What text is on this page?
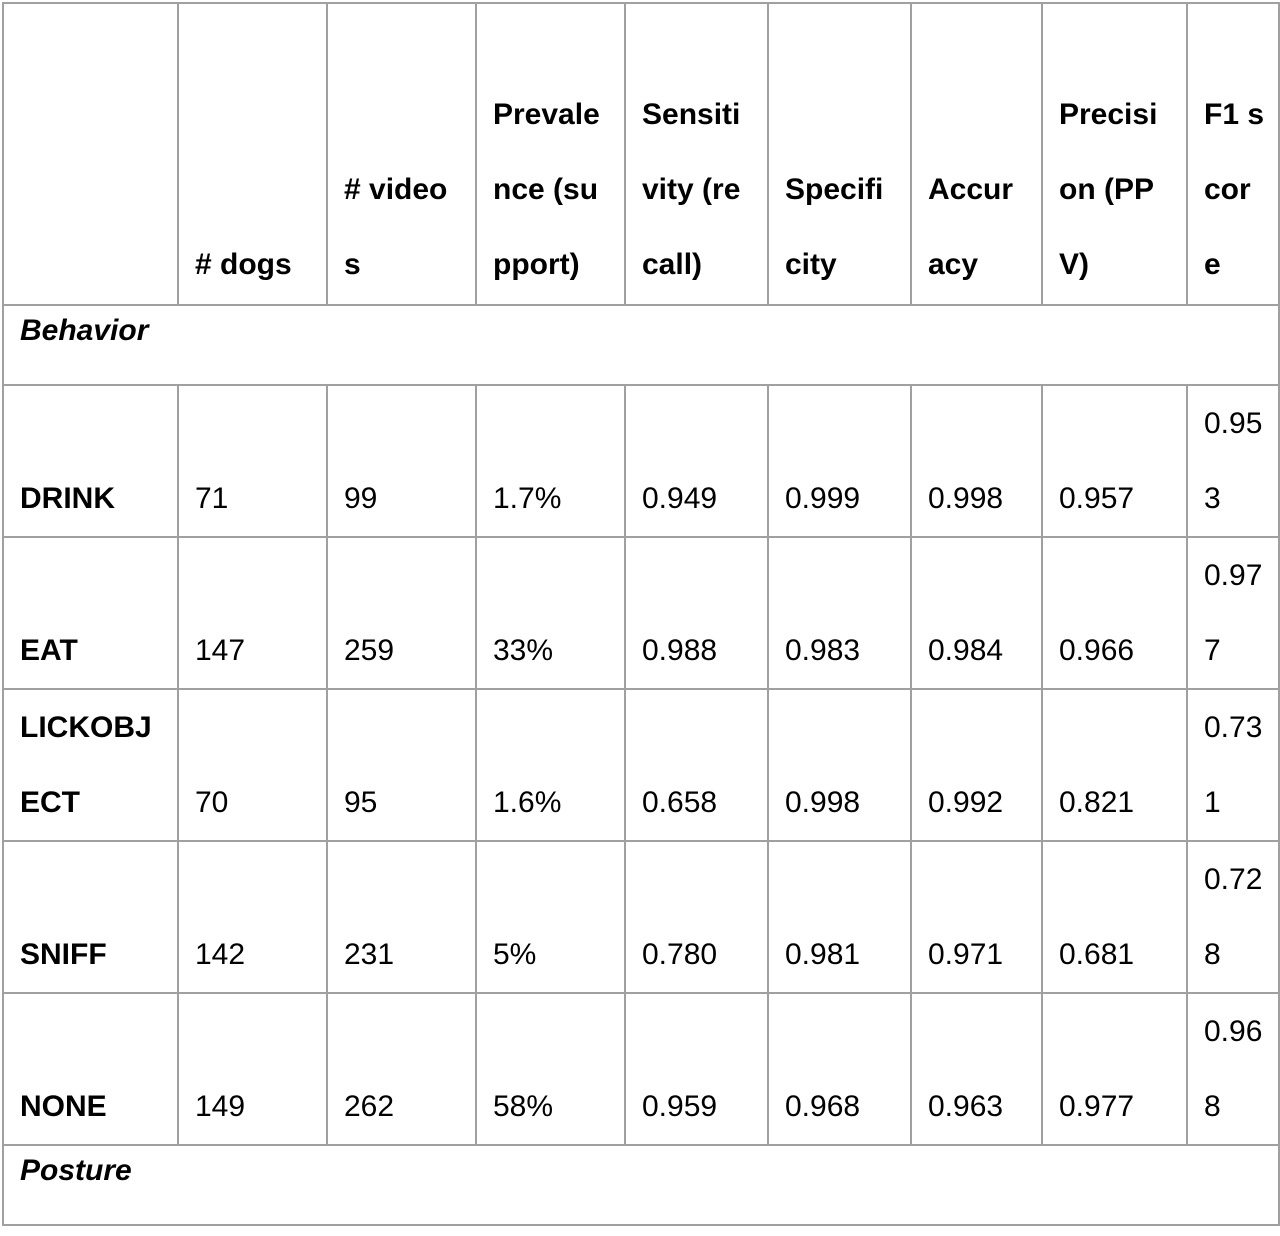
	# dogs	# videos	Prevalence (support)	Sensitivity (recall)	Specificity	Accuracy	Precision (PPV)	F1 score
Behavior								
DRINK	71	99	1.7%	0.949	0.999	0.998	0.957	0.953
EAT	147	259	33%	0.988	0.983	0.984	0.966	0.977
LICKOBJECT	70	95	1.6%	0.658	0.998	0.992	0.821	0.731
SNIFF	142	231	5%	0.780	0.981	0.971	0.681	0.728
NONE	149	262	58%	0.959	0.968	0.963	0.977	0.968
Posture								
